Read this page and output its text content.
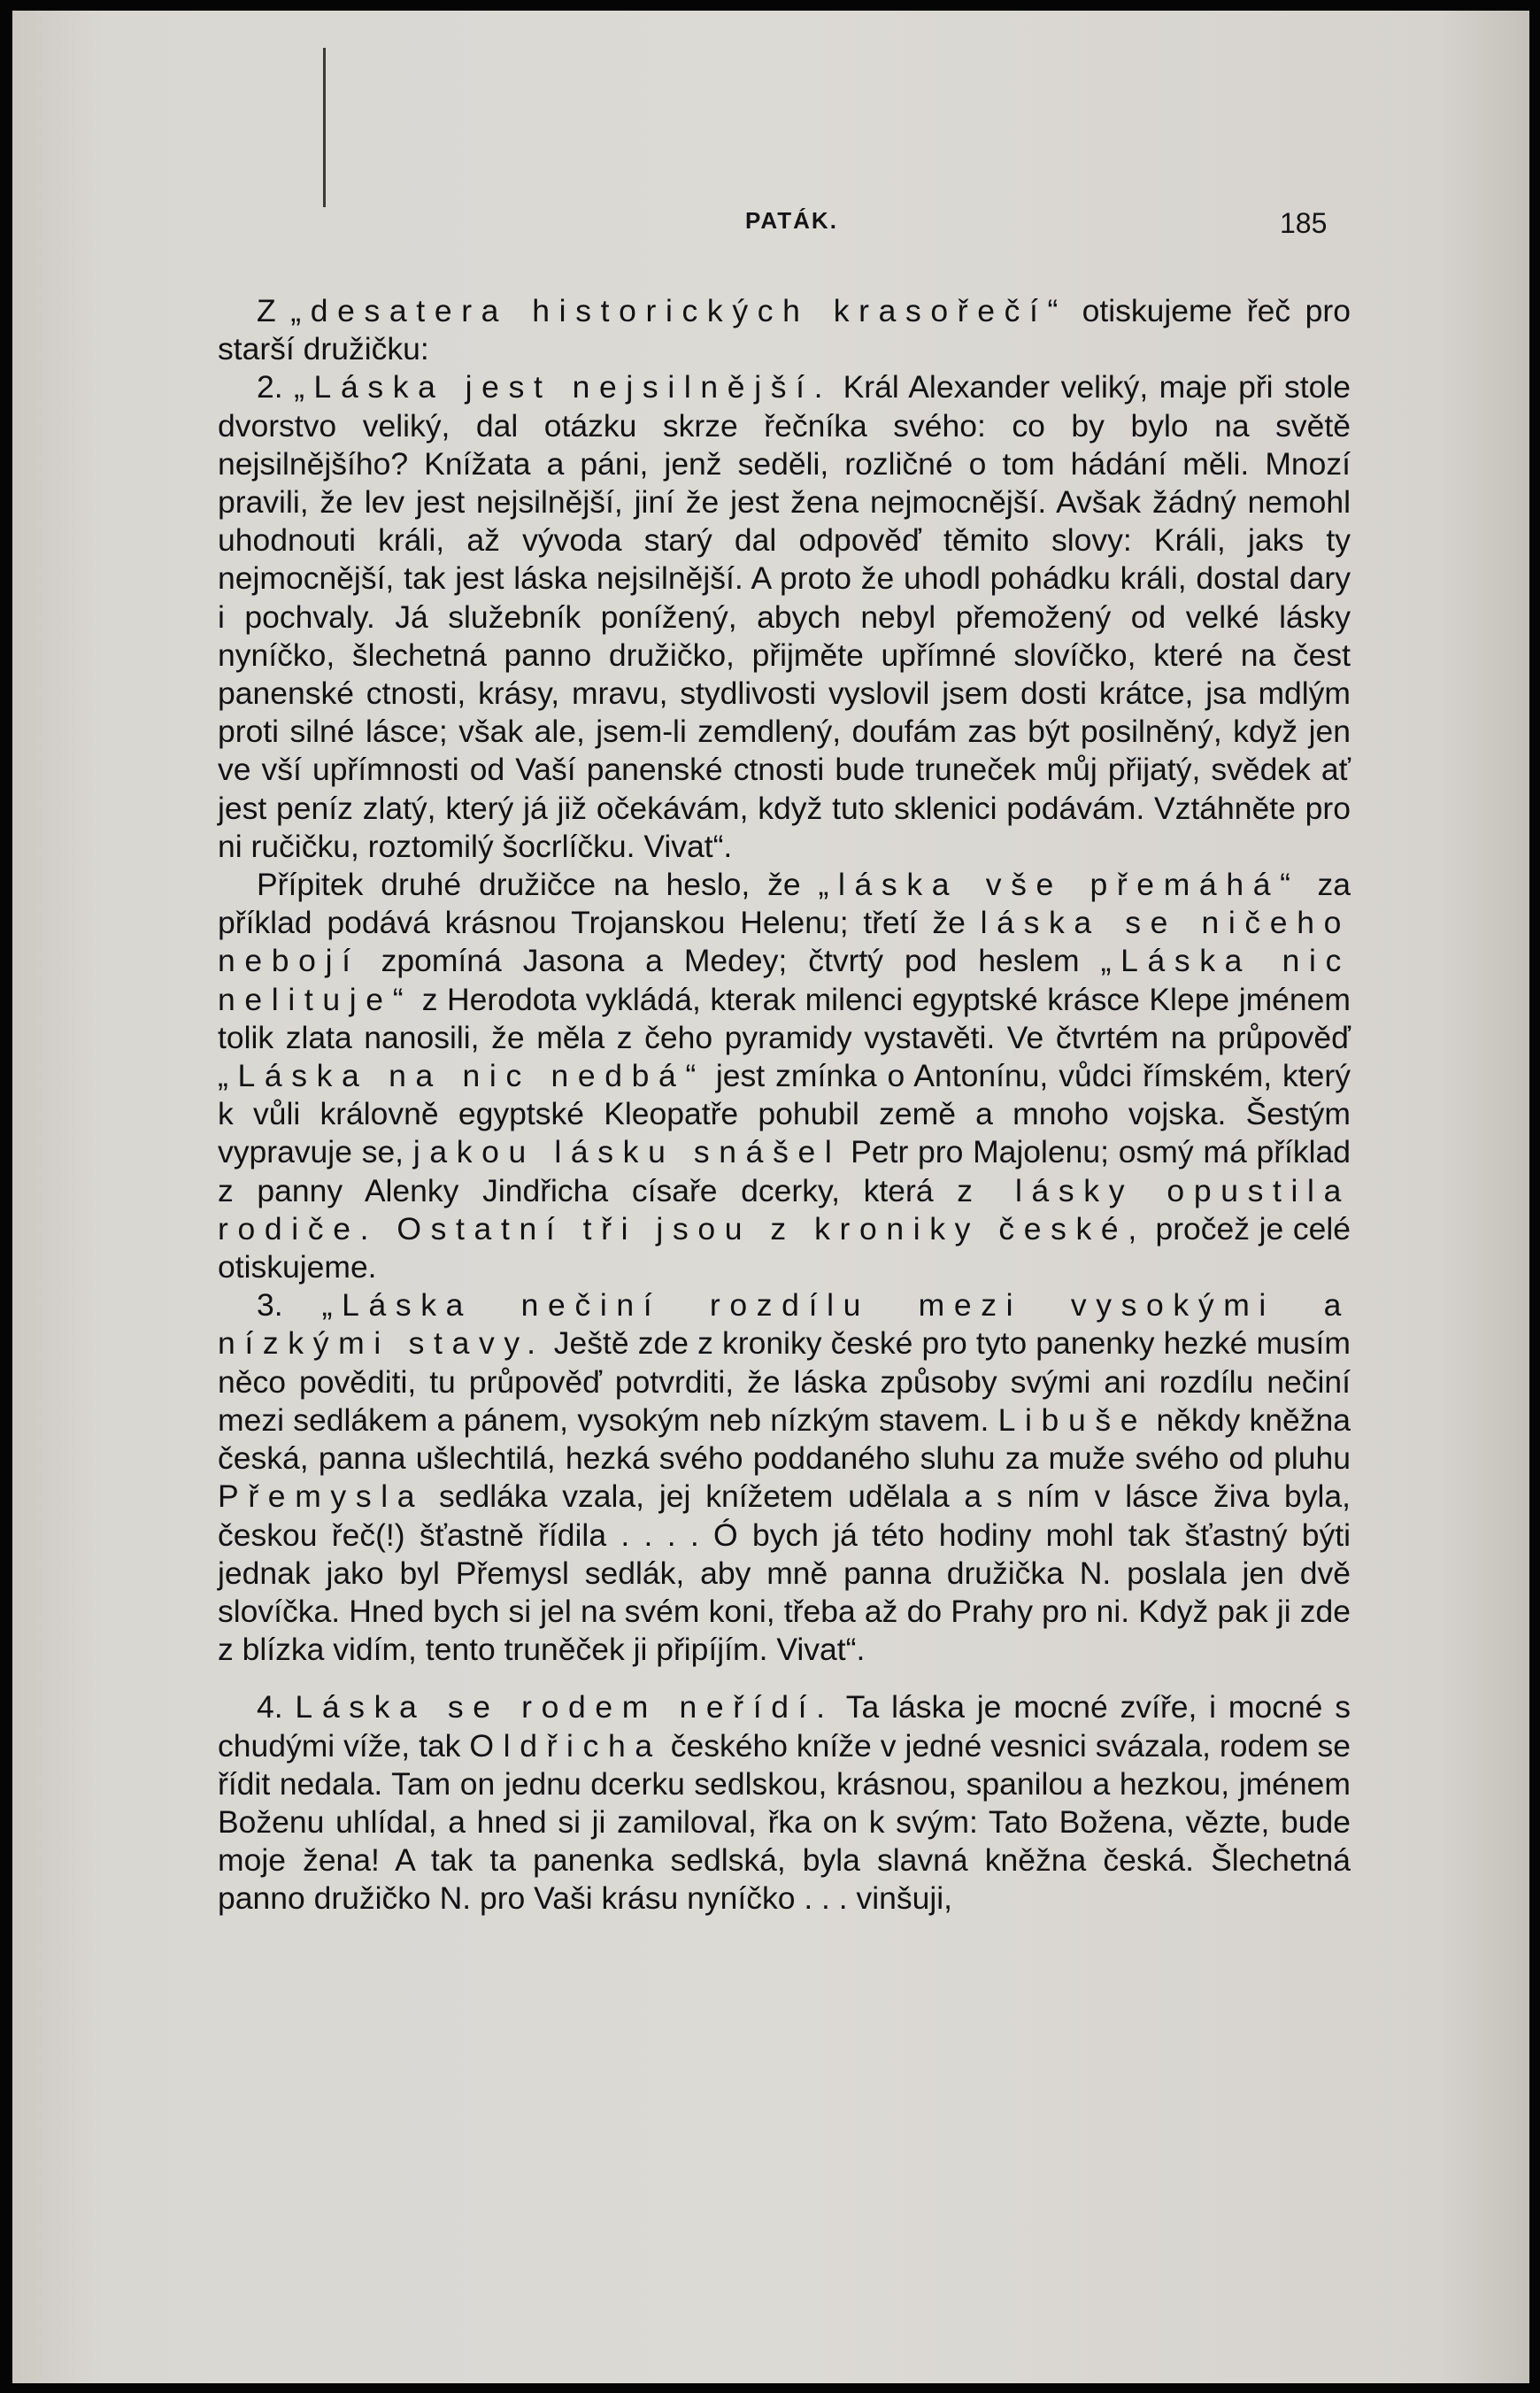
PATÁK.	185

Z „desatera historických krasořečí“ otiskujeme řeč pro starší družičku:

2. „Láska jest nejsilnější. Král Alexander veliký, maje při stole dvorstvo veliký, dal otázku skrze řečníka svého: co by bylo na světě nejsilnějšího? Knížata a páni, jenž seděli, rozličné o tom hádání měli. Mnozí pravili, že lev jest nejsilnější, jiní že jest žena nejmocnější. Avšak žádný nemohl uhodnouti králi, až vývoda starý dal odpověď těmito slovy: Králi, jaks ty nejmocnější, tak jest láska nejsilnější. A proto že uhodl pohádku králi, dostal dary i pochvaly. Já služebník ponížený, abych nebyl přemožený od velké lásky nyníčko, šlechetná panno družičko, přijměte upřímné slovíčko, které na čest panenské ctnosti, krásy, mravu, stydlivosti vyslovil jsem dosti krátce, jsa mdlým proti silné lásce; však ale, jsem-li zemdlený, doufám zas být posilněný, když jen ve vší upřímnosti od Vaší panenské ctnosti bude truneček můj přijatý, svědek ať jest peníz zlatý, který já již očekávám, když tuto sklenici podávám. Vztáhněte pro ni ručičku, roztomilý šocrlíčku. Vivat“.

Přípitek druhé družičce na heslo, že „láska vše přemáhá“ za příklad podává krásnou Trojanskou Helenu; třetí že láska se ničeho nebojí zpomíná Jasona a Medey; čtvrtý pod heslem „Láska nic nelituje“ z Herodota vykládá, kterak milenci egyptské krásce Klepe jménem tolik zlata nanosili, že měla z čeho pyramidy vystavěti. Ve čtvrtém na průpověď „Láska na nic nedbá“ jest zmínka o Antonínu, vůdci římském, který k vůli královně egyptské Kleopatře pohubil země a mnoho vojska. Šestým vypravuje se, jakou lásku snášel Petr pro Majolenu; osmý má příklad z panny Alenky Jindřicha císaře dcerky, která z lásky opustila rodiče. Ostatní tři jsou z kroniky české, pročež je celé otiskujeme.

3. „Láska nečiní rozdílu mezi vysokými a nízkými stavy. Ještě zde z kroniky české pro tyto panenky hezké musím něco pověditi, tu průpověď potvrditi, že láska způsoby svými ani rozdílu nečiní mezi sedlákem a pánem, vysokým neb nízkým stavem. Libuše někdy kněžna česká, panna ušlechtilá, hezká svého poddaného sluhu za muže svého od pluhu Přemysla sedláka vzala, jej knížetem udělala a s ním v lásce živa byla, českou řeč(!) šťastně řídila . . . . Ó bych já této hodiny mohl tak šťastný býti jednak jako byl Přemysl sedlák, aby mně panna družička N. poslala jen dvě slovíčka. Hned bych si jel na svém koni, třeba až do Prahy pro ni. Když pak ji zde z blízka vidím, tento truněček ji připíjím. Vivat“.

4. Láska se rodem neřídí. Ta láska je mocné zvíře, i mocné s chudými víže, tak Oldřicha českého knížе v jedné vesnici svázala, rodem se řídit nedala. Tam on jednu dcerku sedlskou, krásnou, spanilou a hezkou, jménem Boženu uhlídal, a hned si ji zamiloval, řka on k svým: Tato Božena, vězte, bude moje žena! A tak ta panenka sedlská, byla slavná kněžna česká. Šlechetná panno družičko N. pro Vaši krásu nyníčko . . . vinšuji,
